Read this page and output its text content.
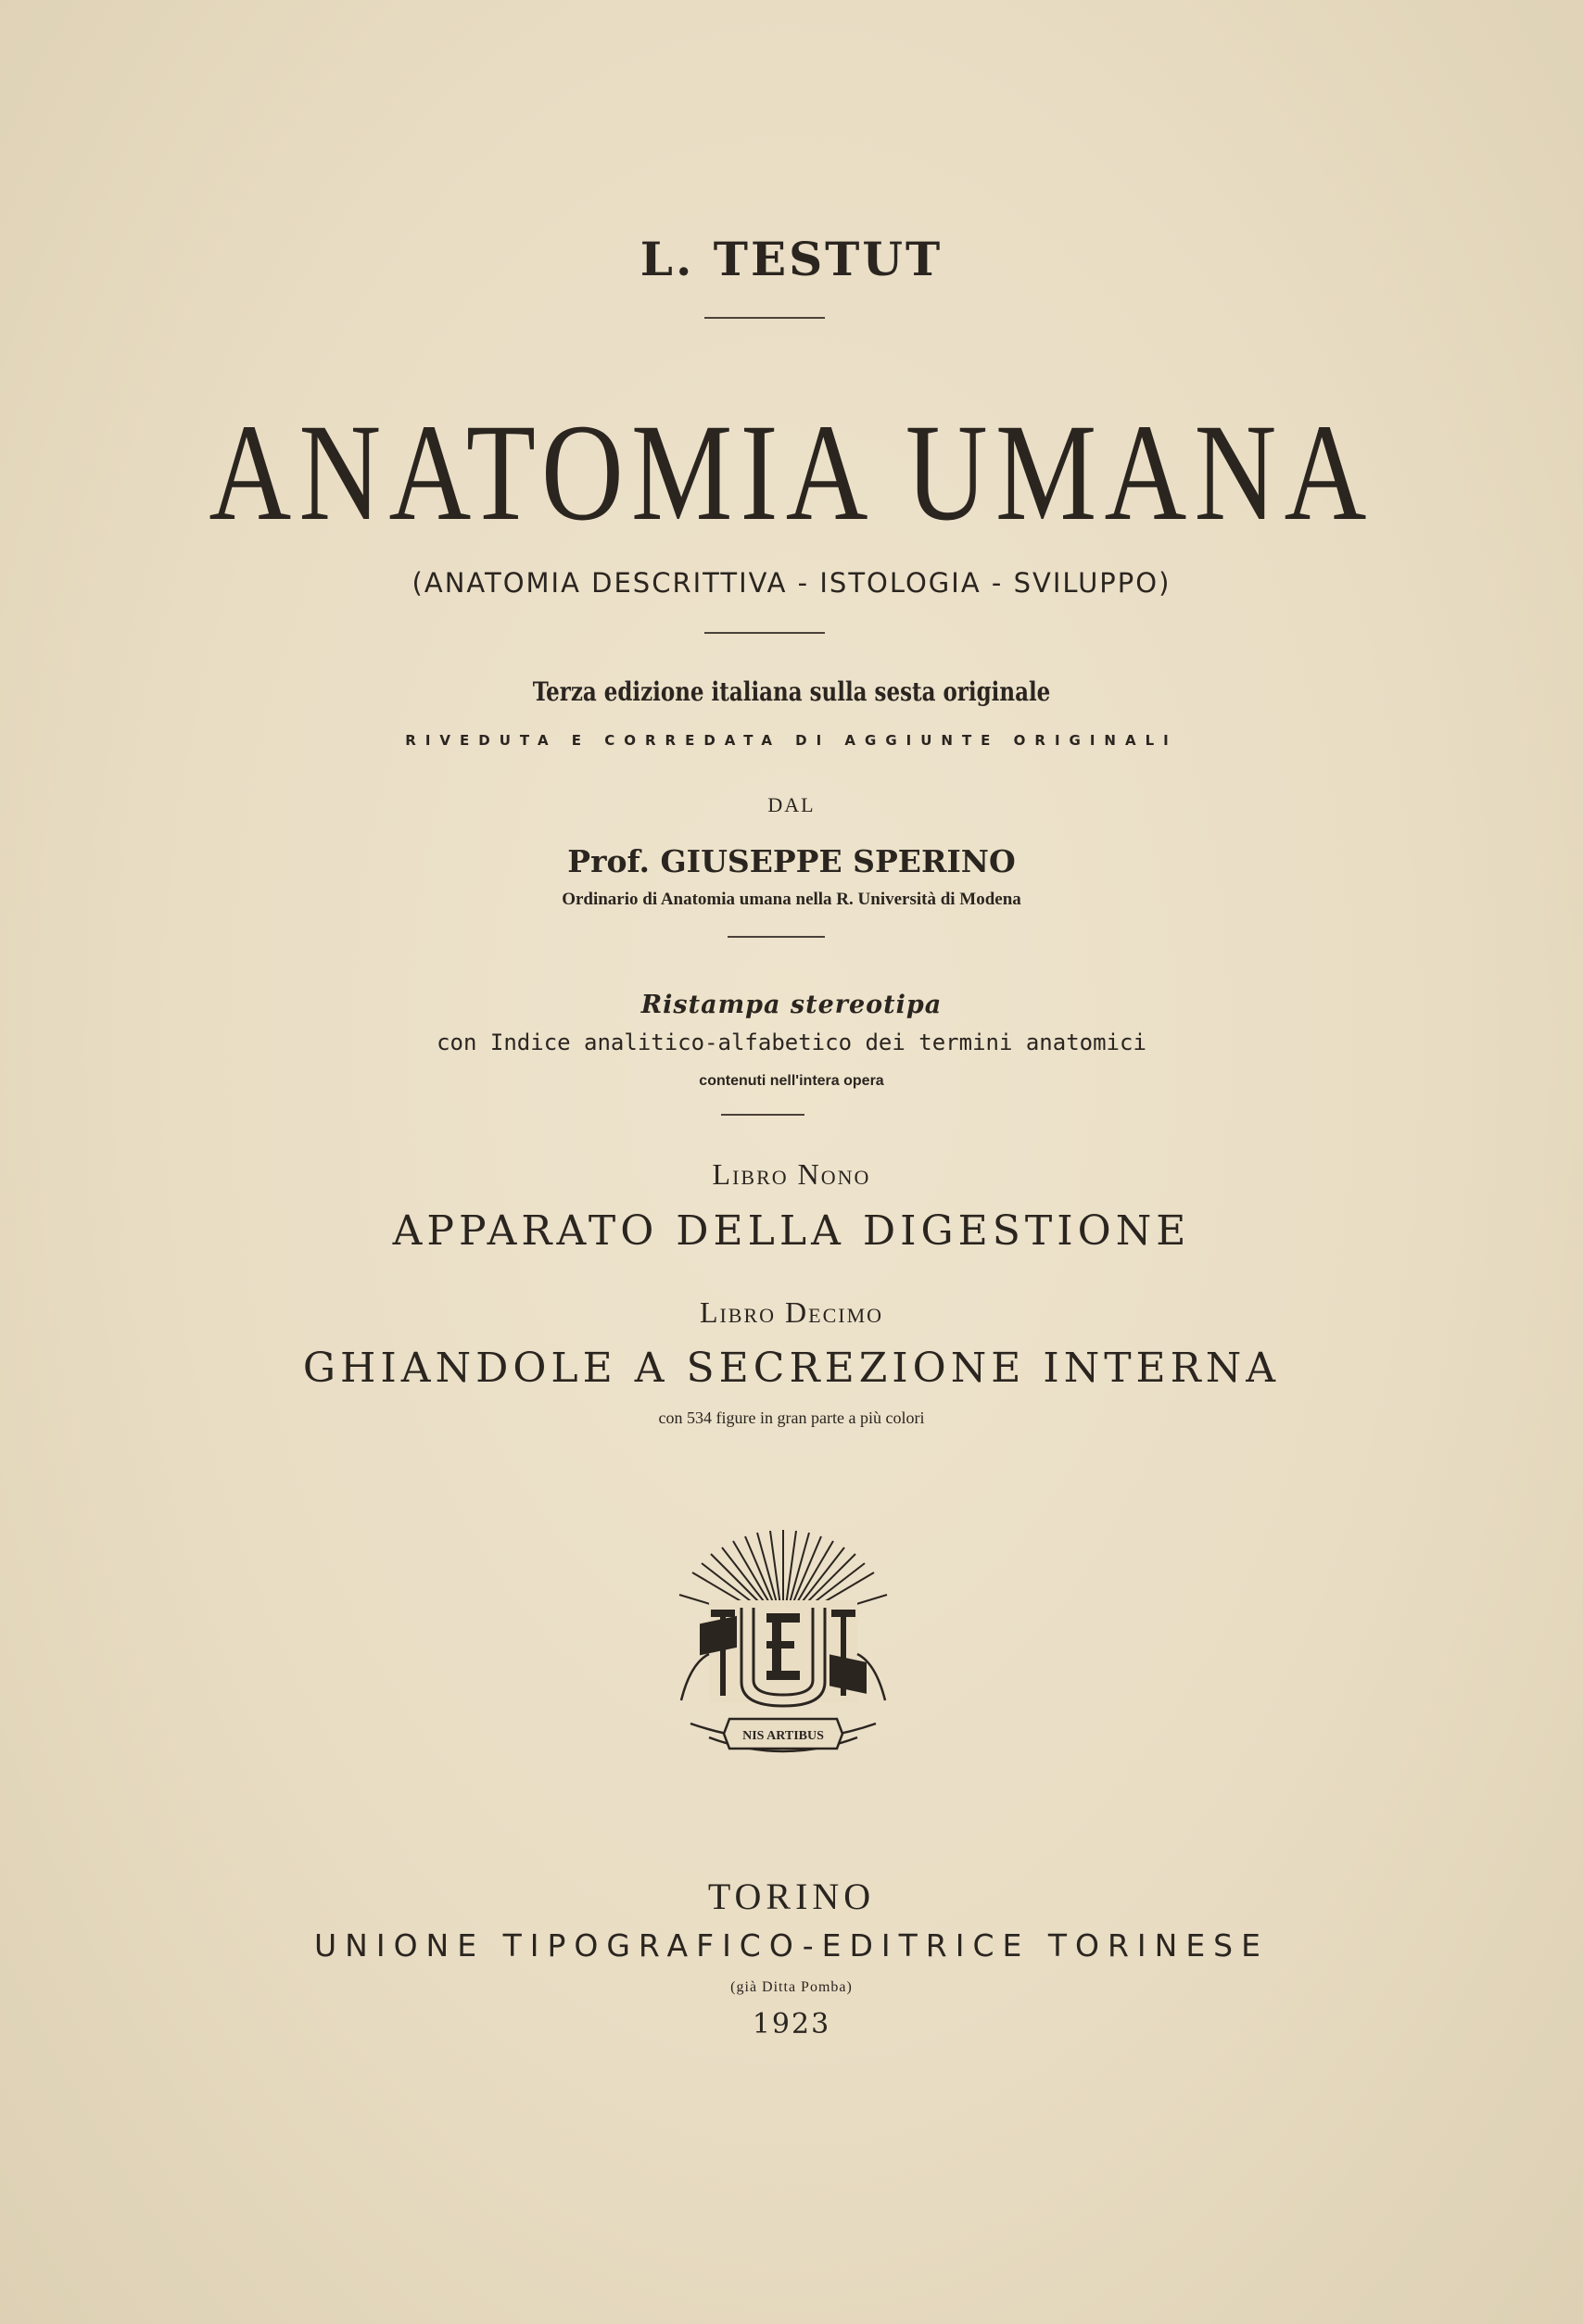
L. TESTUT
ANATOMIA UMANA
(ANATOMIA DESCRITTIVA - ISTOLOGIA - SVILUPPO)
Terza edizione italiana sulla sesta originale
RIVEDUTA E CORREDATA DI AGGIUNTE ORIGINALI
DAL
Prof. GIUSEPPE SPERINO
Ordinario di Anatomia umana nella R. Università di Modena
Ristampa stereotipa
con Indice analitico-alfabetico dei termini anatomici
contenuti nell'intera opera
Libro Nono
APPARATO DELLA DIGESTIONE
Libro Decimo
GHIANDOLE A SECREZIONE INTERNA
con 534 figure in gran parte a più colori
NIS ARTIBUS
TORINO
UNIONE TIPOGRAFICO-EDITRICE TORINESE
(già Ditta Pomba)
1923
